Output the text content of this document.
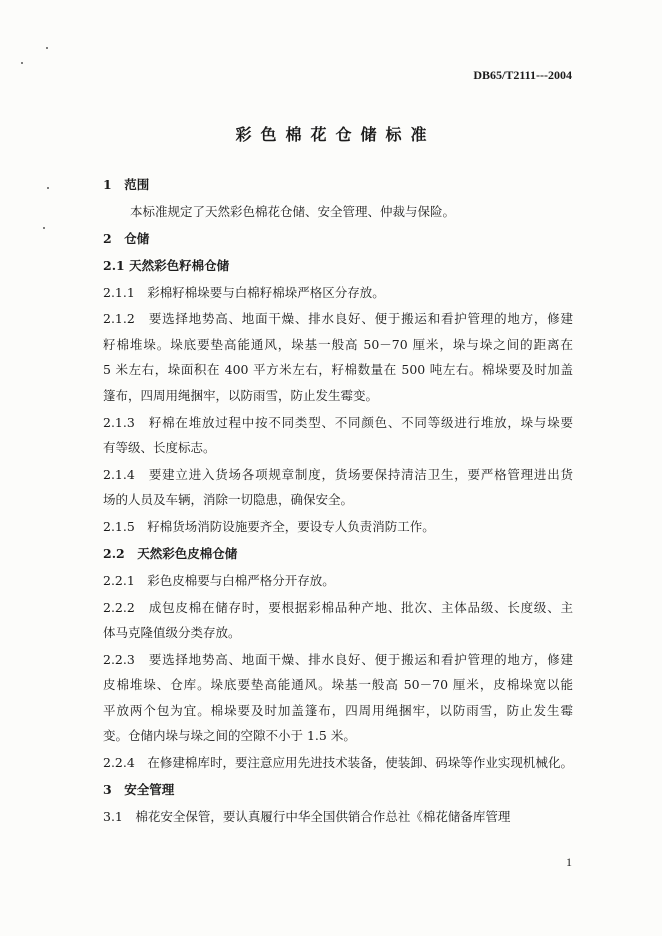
DB65/T2111---2004
彩色棉花仓储标准
1　范围
本标准规定了天然彩色棉花仓储、安全管理、仲裁与保险。
2　仓储
2.1 天然彩色籽棉仓储
2.1.1　彩棉籽棉垛要与白棉籽棉垛严格区分存放。
2.1.2　要选择地势高、地面干燥、排水良好、便于搬运和看护管理的地方，修建
籽棉堆垛。垛底要垫高能通风，垛基一般高 50－70 厘米，垛与垛之间的距离在
5 米左右，垛面积在 400 平方米左右，籽棉数量在 500 吨左右。棉垛要及时加盖
篷布，四周用绳捆牢，以防雨雪，防止发生霉变。
2.1.3　籽棉在堆放过程中按不同类型、不同颜色、不同等级进行堆放，垛与垛要
有等级、长度标志。
2.1.4　要建立进入货场各项规章制度，货场要保持清洁卫生，要严格管理进出货
场的人员及车辆，消除一切隐患，确保安全。
2.1.5　籽棉货场消防设施要齐全，要设专人负责消防工作。
2.2　天然彩色皮棉仓储
2.2.1　彩色皮棉要与白棉严格分开存放。
2.2.2　成包皮棉在储存时，要根据彩棉品种产地、批次、主体品级、长度级、主
体马克隆值级分类存放。
2.2.3　要选择地势高、地面干燥、排水良好、便于搬运和看护管理的地方，修建
皮棉堆垛、仓库。垛底要垫高能通风。垛基一般高 50－70 厘米，皮棉垛宽以能
平放两个包为宜。棉垛要及时加盖篷布，四周用绳捆牢，以防雨雪，防止发生霉
变。仓储内垛与垛之间的空隙不小于 1.5 米。
2.2.4　在修建棉库时，要注意应用先进技术装备，使装卸、码垛等作业实现机械化。
3　安全管理
3.1　棉花安全保管，要认真履行中华全国供销合作总社《棉花储备库管理
1
